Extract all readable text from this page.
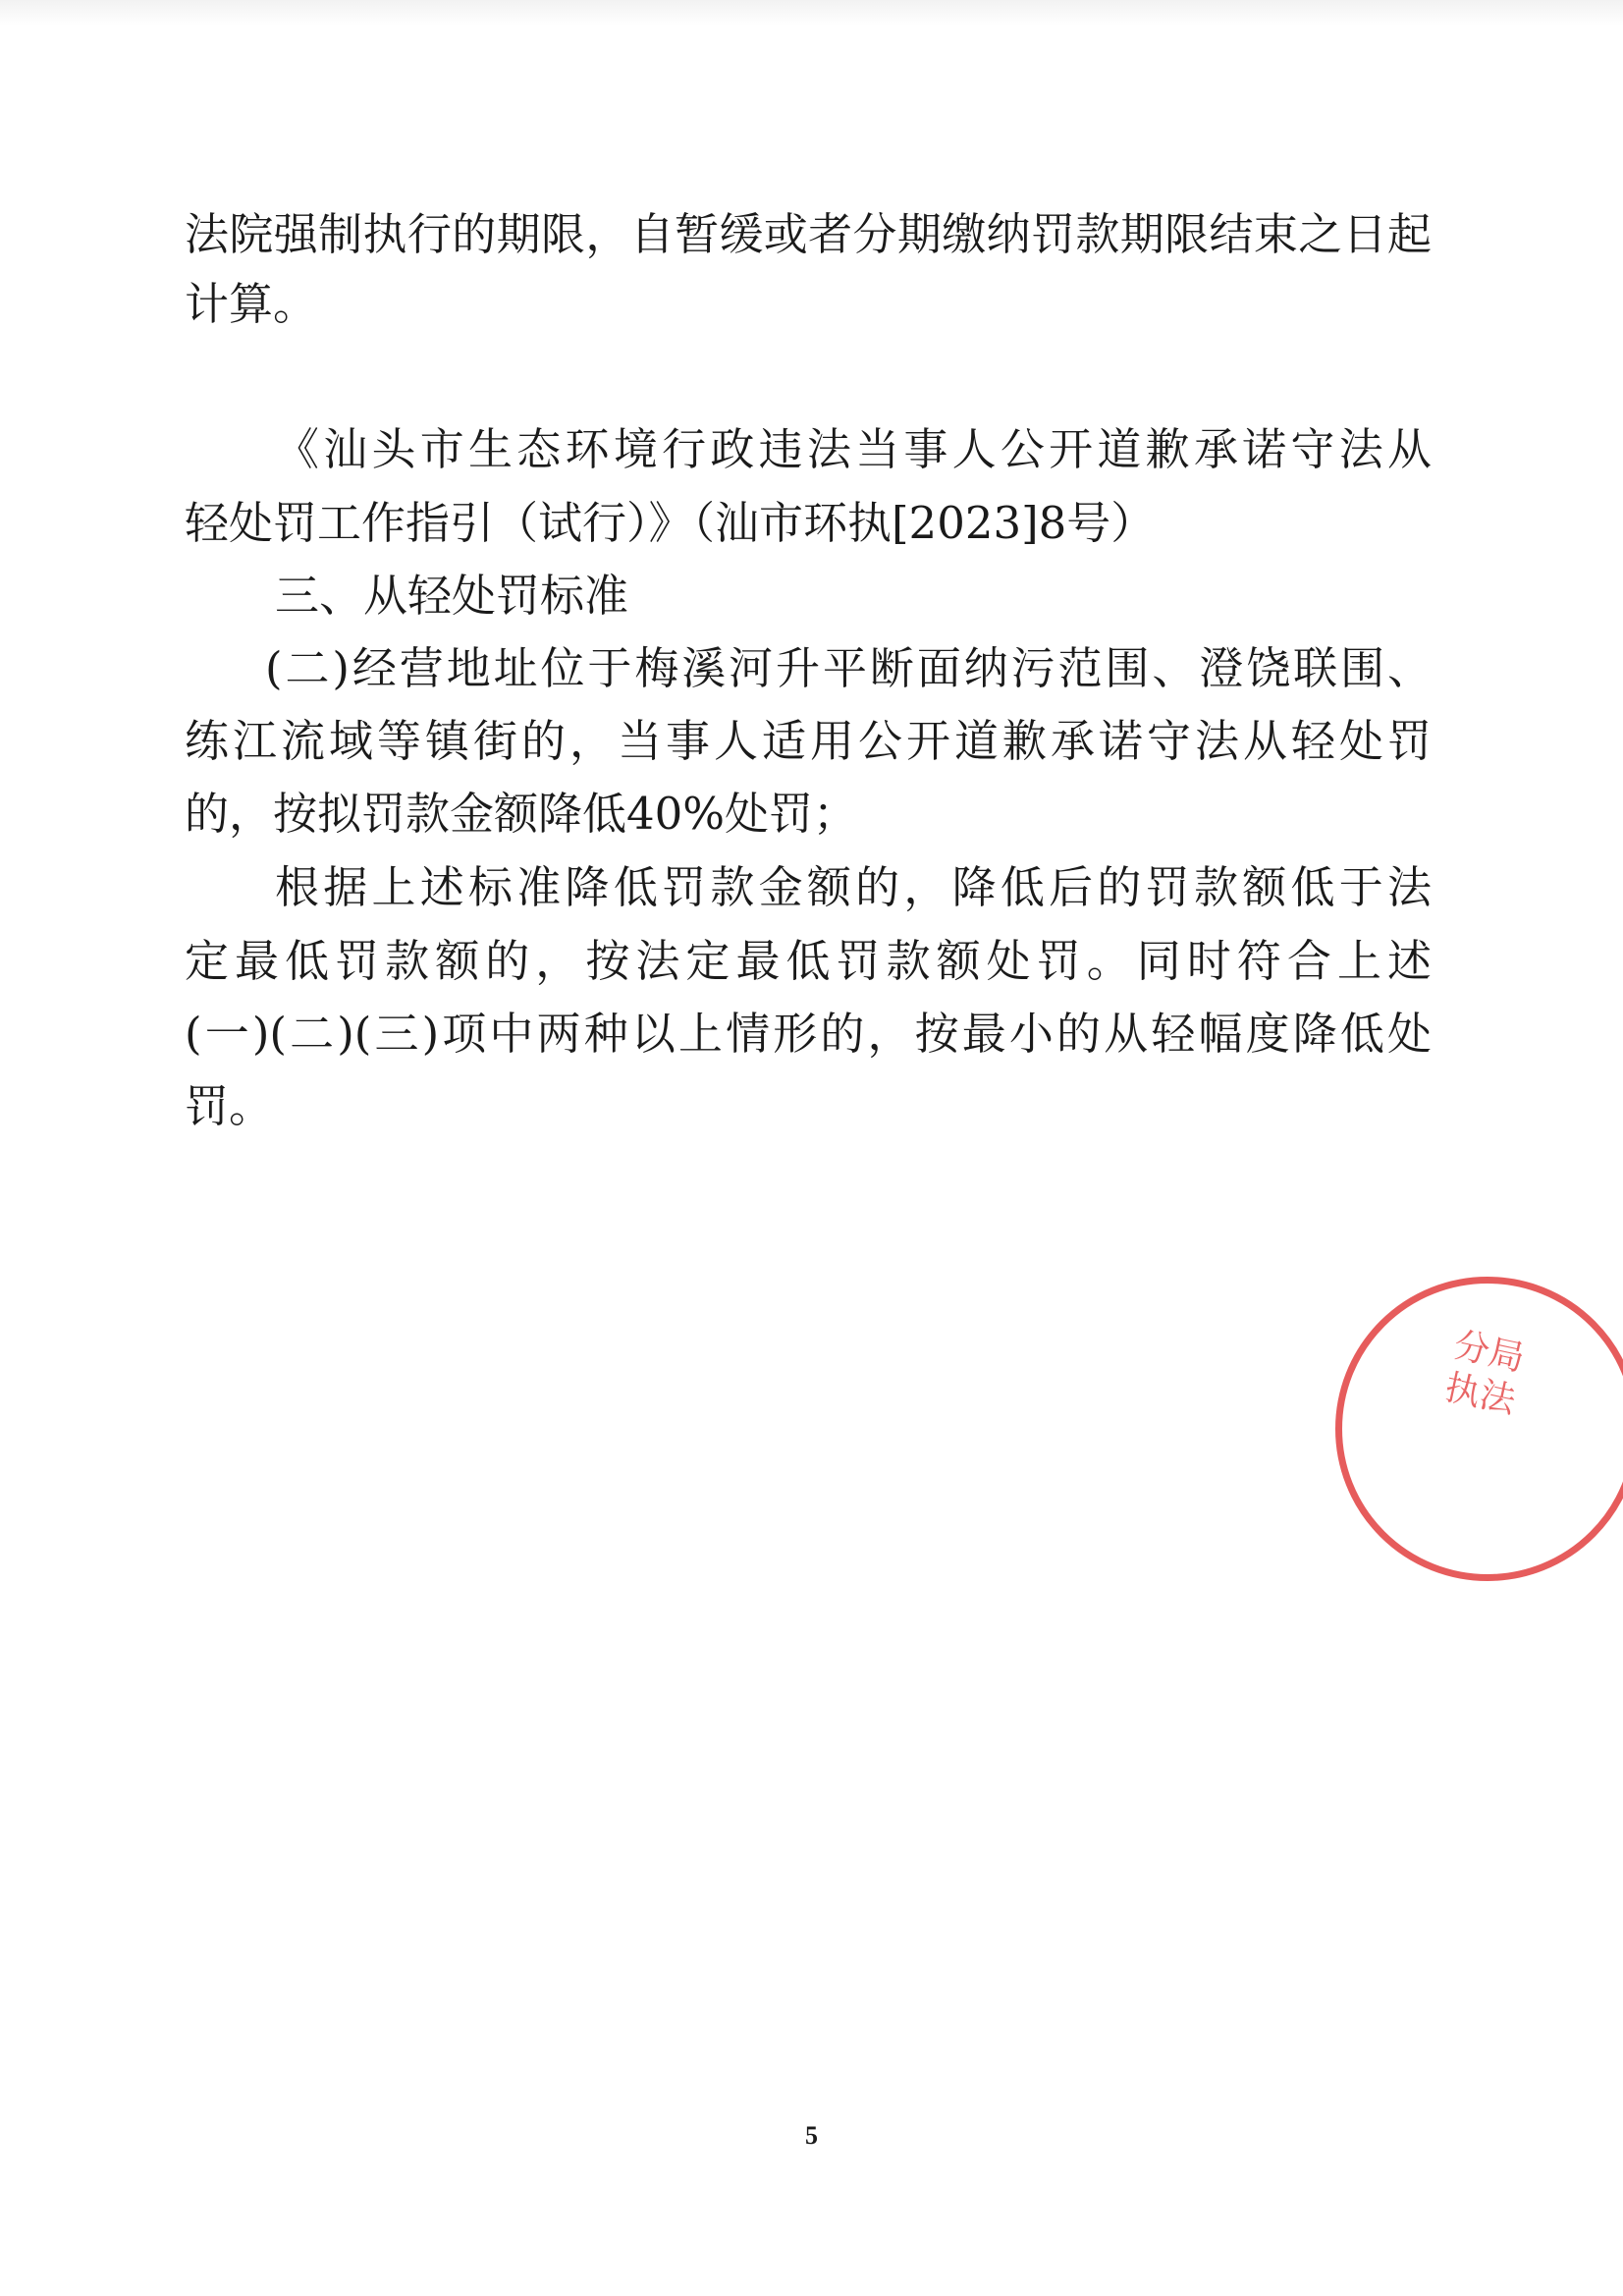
法院强制执行的期限，自暂缓或者分期缴纳罚款期限结束之日起
计算。
《汕头市生态环境行政违法当事人公开道歉承诺守法从
轻处罚工作指引（试行）》（汕市环执[2023]8号）
三、从轻处罚标准
(二)经营地址位于梅溪河升平断面纳污范围、澄饶联围、
练江流域等镇街的，当事人适用公开道歉承诺守法从轻处罚
的，按拟罚款金额降低40%处罚；
根据上述标准降低罚款金额的，降低后的罚款额低于法
定最低罚款额的，按法定最低罚款额处罚。同时符合上述
(一)(二)(三)项中两种以上情形的，按最小的从轻幅度降低处
罚。
分局执法
5
